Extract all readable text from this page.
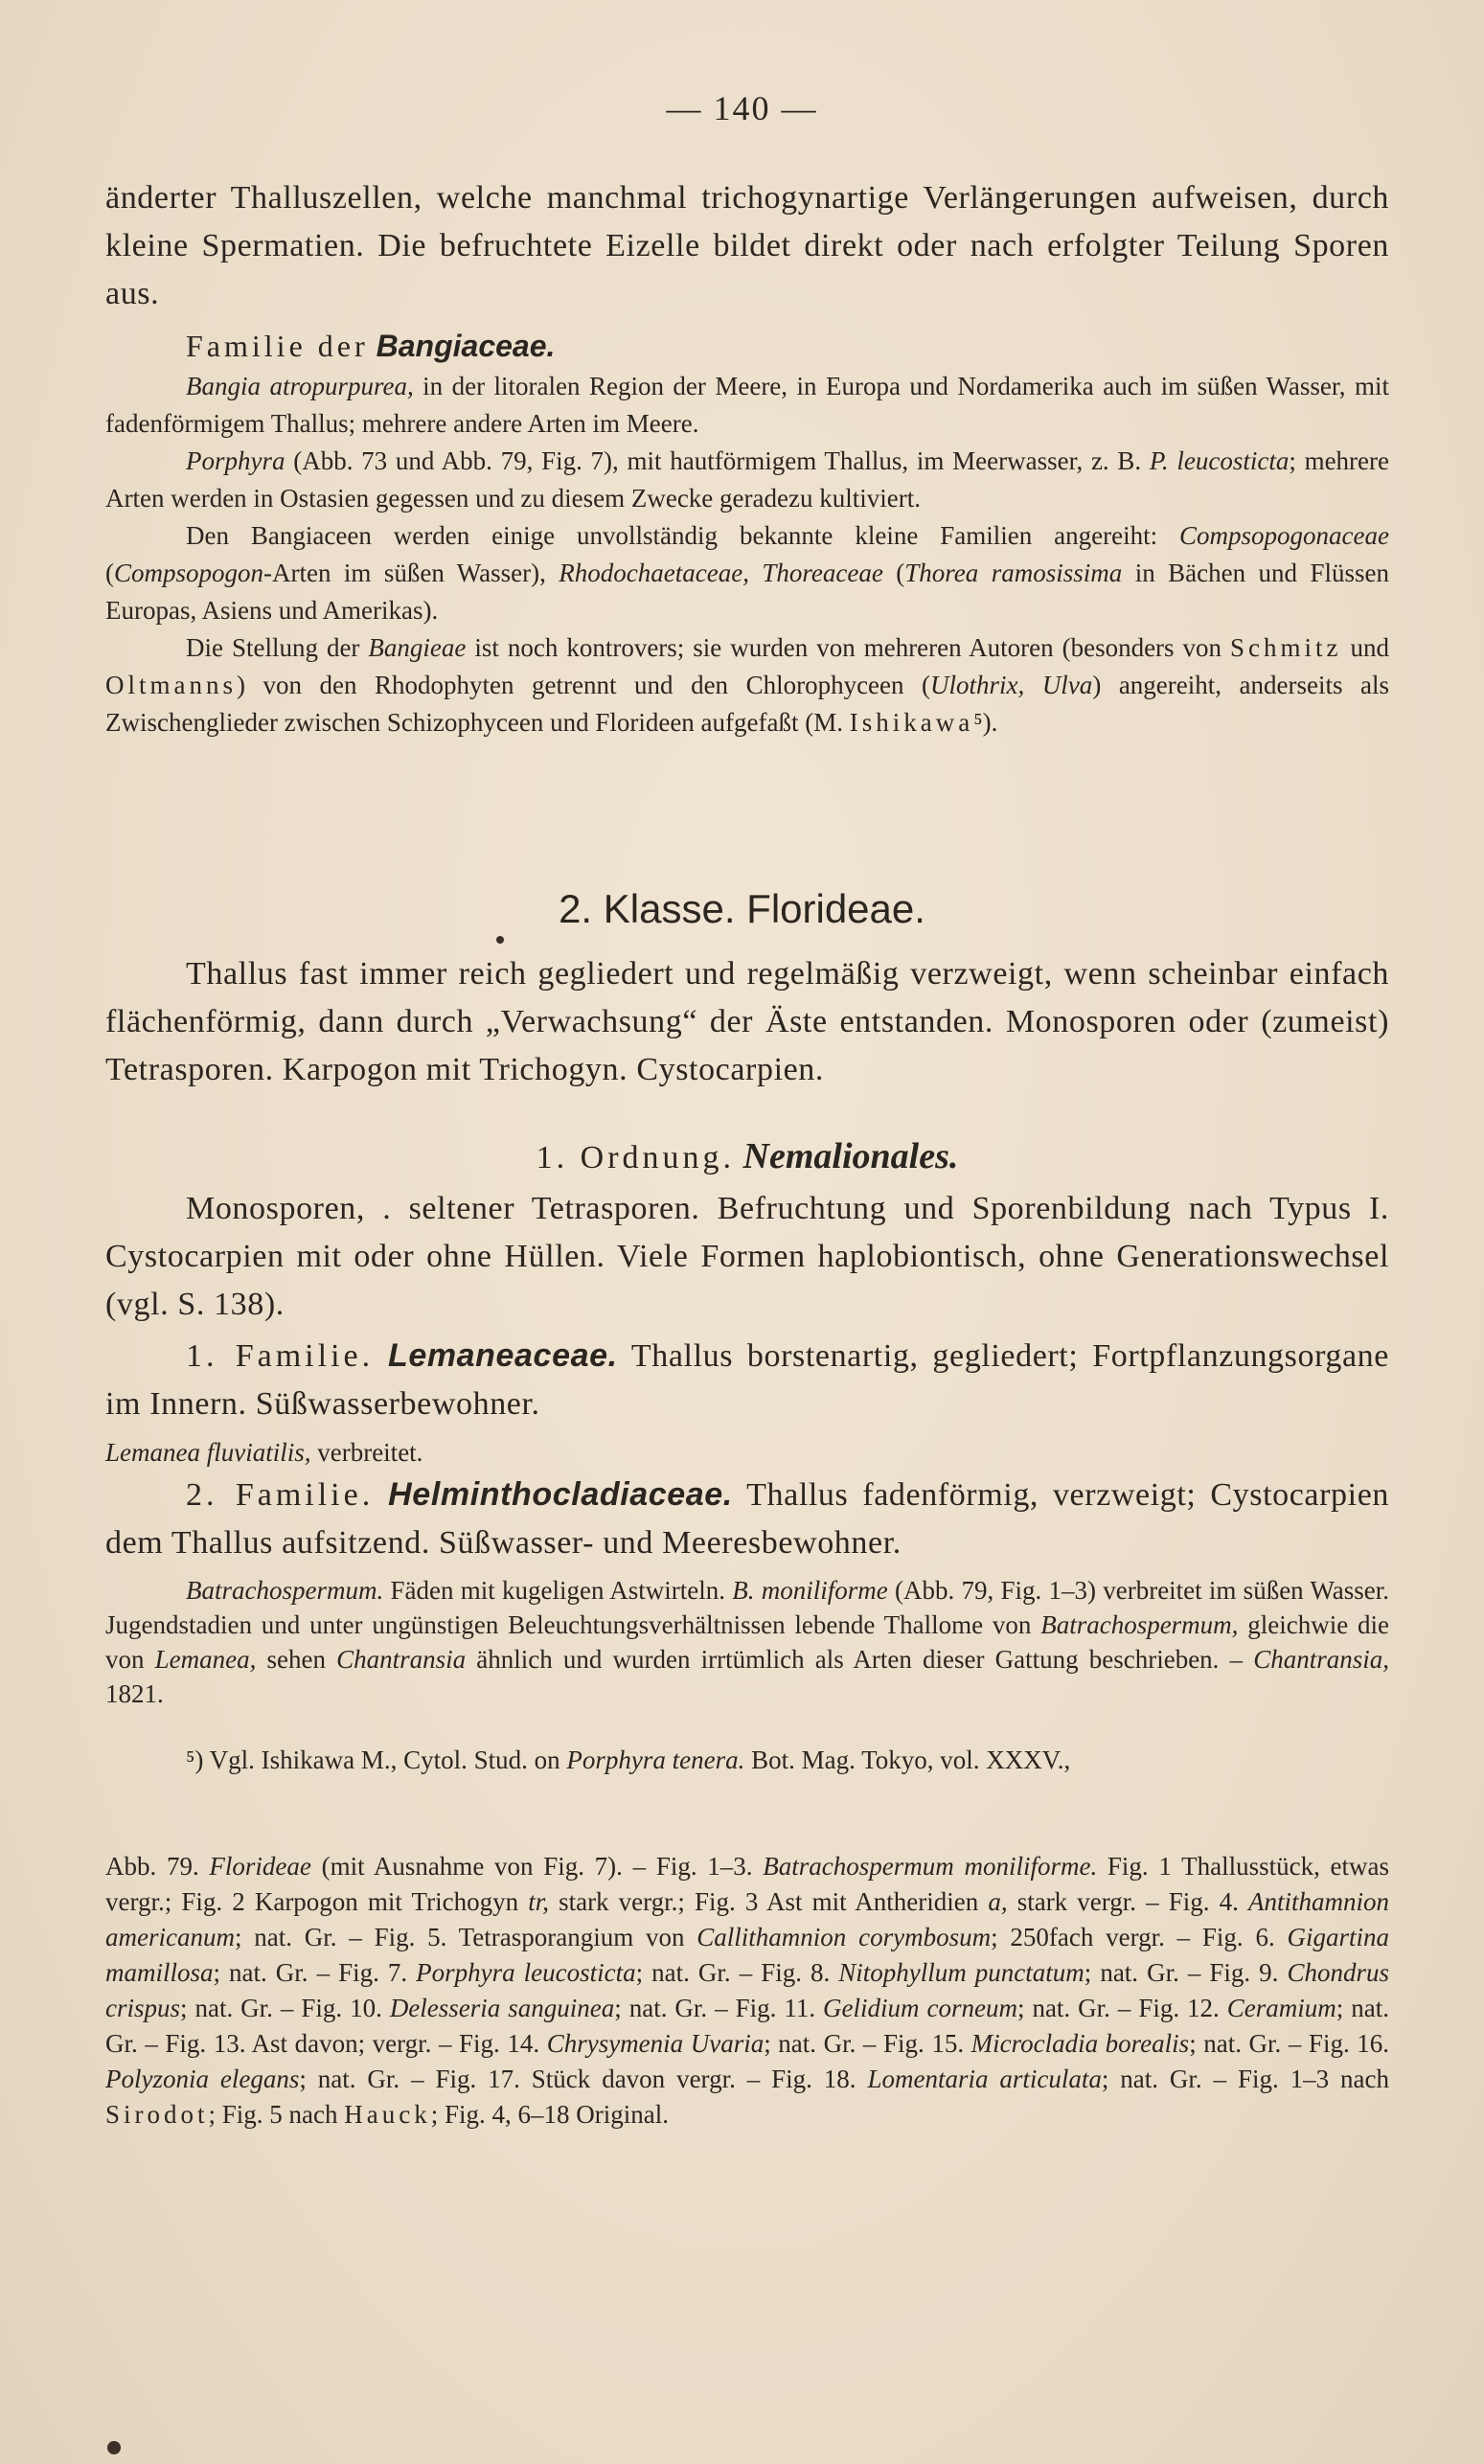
— 140 —
änderter Thalluszellen, welche manchmal trichogynartige Verlängerungen aufweisen, durch kleine Spermatien. Die befruchtete Eizelle bildet direkt oder nach erfolgter Teilung Sporen aus.
Familie der Bangiaceae.
Bangia atropurpurea, in der litoralen Region der Meere, in Europa und Nordamerika auch im süßen Wasser, mit fadenförmigem Thallus; mehrere andere Arten im Meere.
Porphyra (Abb. 73 und Abb. 79, Fig. 7), mit hautförmigem Thallus, im Meerwasser, z. B. P. leucosticta; mehrere Arten werden in Ostasien gegessen und zu diesem Zwecke geradezu kultiviert.
Den Bangiaceen werden einige unvollständig bekannte kleine Familien angereiht: Compsopogonaceae (Compsopogon-Arten im süßen Wasser), Rhodochaetaceae, Thoreaceae (Thorea ramosissima in Bächen und Flüssen Europas, Asiens und Amerikas).
Die Stellung der Bangieae ist noch kontrovers; sie wurden von mehreren Autoren (besonders von Schmitz und Oltmanns) von den Rhodophyten getrennt und den Chlorophyceen (Ulothrix, Ulva) angereiht, anderseits als Zwischenglieder zwischen Schizophyceen und Florideen aufgefaßt (M. Ishikawa⁵).
2. Klasse. Florideae.
Thallus fast immer reich gegliedert und regelmäßig verzweigt, wenn scheinbar einfach flächenförmig, dann durch „Verwachsung“ der Äste entstanden. Monosporen oder (zumeist) Tetrasporen. Karpogon mit Trichogyn. Cystocarpien.
1. Ordnung. Nemalionales.
Monosporen, . seltener Tetrasporen. Befruchtung und Sporenbildung nach Typus I. Cystocarpien mit oder ohne Hüllen. Viele Formen haplobiontisch, ohne Generationswechsel (vgl. S. 138).
1. Familie. Lemaneaceae. Thallus borstenartig, gegliedert; Fortpflanzungsorgane im Innern. Süßwasserbewohner.
Lemanea fluviatilis, verbreitet.
2. Familie. Helminthocladiaceae. Thallus fadenförmig, verzweigt; Cystocarpien dem Thallus aufsitzend. Süßwasser- und Meeresbewohner.
Batrachospermum. Fäden mit kugeligen Astwirteln. B. moniliforme (Abb. 79, Fig. 1–3) verbreitet im süßen Wasser. Jugendstadien und unter ungünstigen Beleuchtungsverhältnissen lebende Thallome von Batrachospermum, gleichwie die von Lemanea, sehen Chantransia ähnlich und wurden irrtümlich als Arten dieser Gattung beschrieben. – Chantransia, 1821.
⁵) Vgl. Ishikawa M., Cytol. Stud. on Porphyra tenera. Bot. Mag. Tokyo, vol. XXXV.,
Abb. 79. Florideae (mit Ausnahme von Fig. 7). – Fig. 1–3. Batrachospermum moniliforme. Fig. 1 Thallusstück, etwas vergr.; Fig. 2 Karpogon mit Trichogyn tr, stark vergr.; Fig. 3 Ast mit Antheridien a, stark vergr. – Fig. 4. Antithamnion americanum; nat. Gr. – Fig. 5. Tetrasporangium von Callithamnion corymbosum; 250fach vergr. – Fig. 6. Gigartina mamillosa; nat. Gr. – Fig. 7. Porphyra leucosticta; nat. Gr. – Fig. 8. Nitophyllum punctatum; nat. Gr. – Fig. 9. Chondrus crispus; nat. Gr. – Fig. 10. Delesseria sanguinea; nat. Gr. – Fig. 11. Gelidium corneum; nat. Gr. – Fig. 12. Ceramium; nat. Gr. – Fig. 13. Ast davon; vergr. – Fig. 14. Chrysymenia Uvaria; nat. Gr. – Fig. 15. Microcladia borealis; nat. Gr. – Fig. 16. Polyzonia elegans; nat. Gr. – Fig. 17. Stück davon vergr. – Fig. 18. Lomentaria articulata; nat. Gr. – Fig. 1–3 nach Sirodot; Fig. 5 nach Hauck; Fig. 4, 6–18 Original.
